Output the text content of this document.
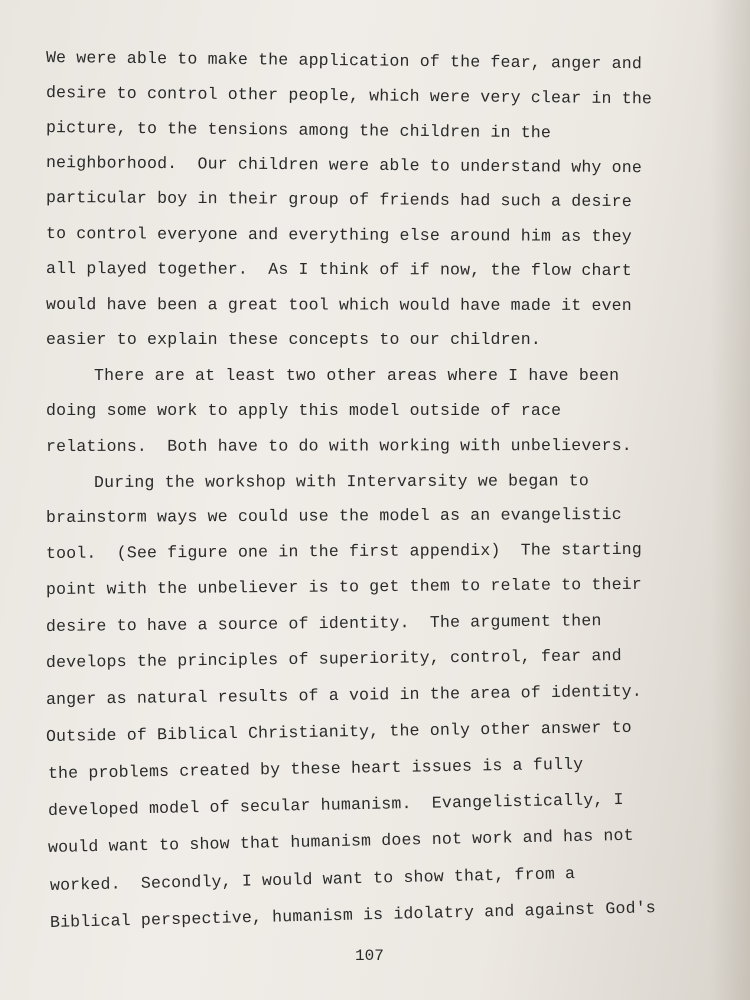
We were able to make the application of the fear, anger and
desire to control other people, which were very clear in the
picture, to the tensions among the children in the
neighborhood.  Our children were able to understand why one
particular boy in their group of friends had such a desire
to control everyone and everything else around him as they
all played together.  As I think of if now, the flow chart
would have been a great tool which would have made it even
easier to explain these concepts to our children.
There are at least two other areas where I have been
doing some work to apply this model outside of race
relations.  Both have to do with working with unbelievers.
During the workshop with Intervarsity we began to
brainstorm ways we could use the model as an evangelistic
tool.  (See figure one in the first appendix)  The starting
point with the unbeliever is to get them to relate to their
desire to have a source of identity.  The argument then
develops the principles of superiority, control, fear and
anger as natural results of a void in the area of identity.
Outside of Biblical Christianity, the only other answer to
the problems created by these heart issues is a fully
developed model of secular humanism.  Evangelistically, I
would want to show that humanism does not work and has not
worked.  Secondly, I would want to show that, from a
Biblical perspective, humanism is idolatry and against God's
107
